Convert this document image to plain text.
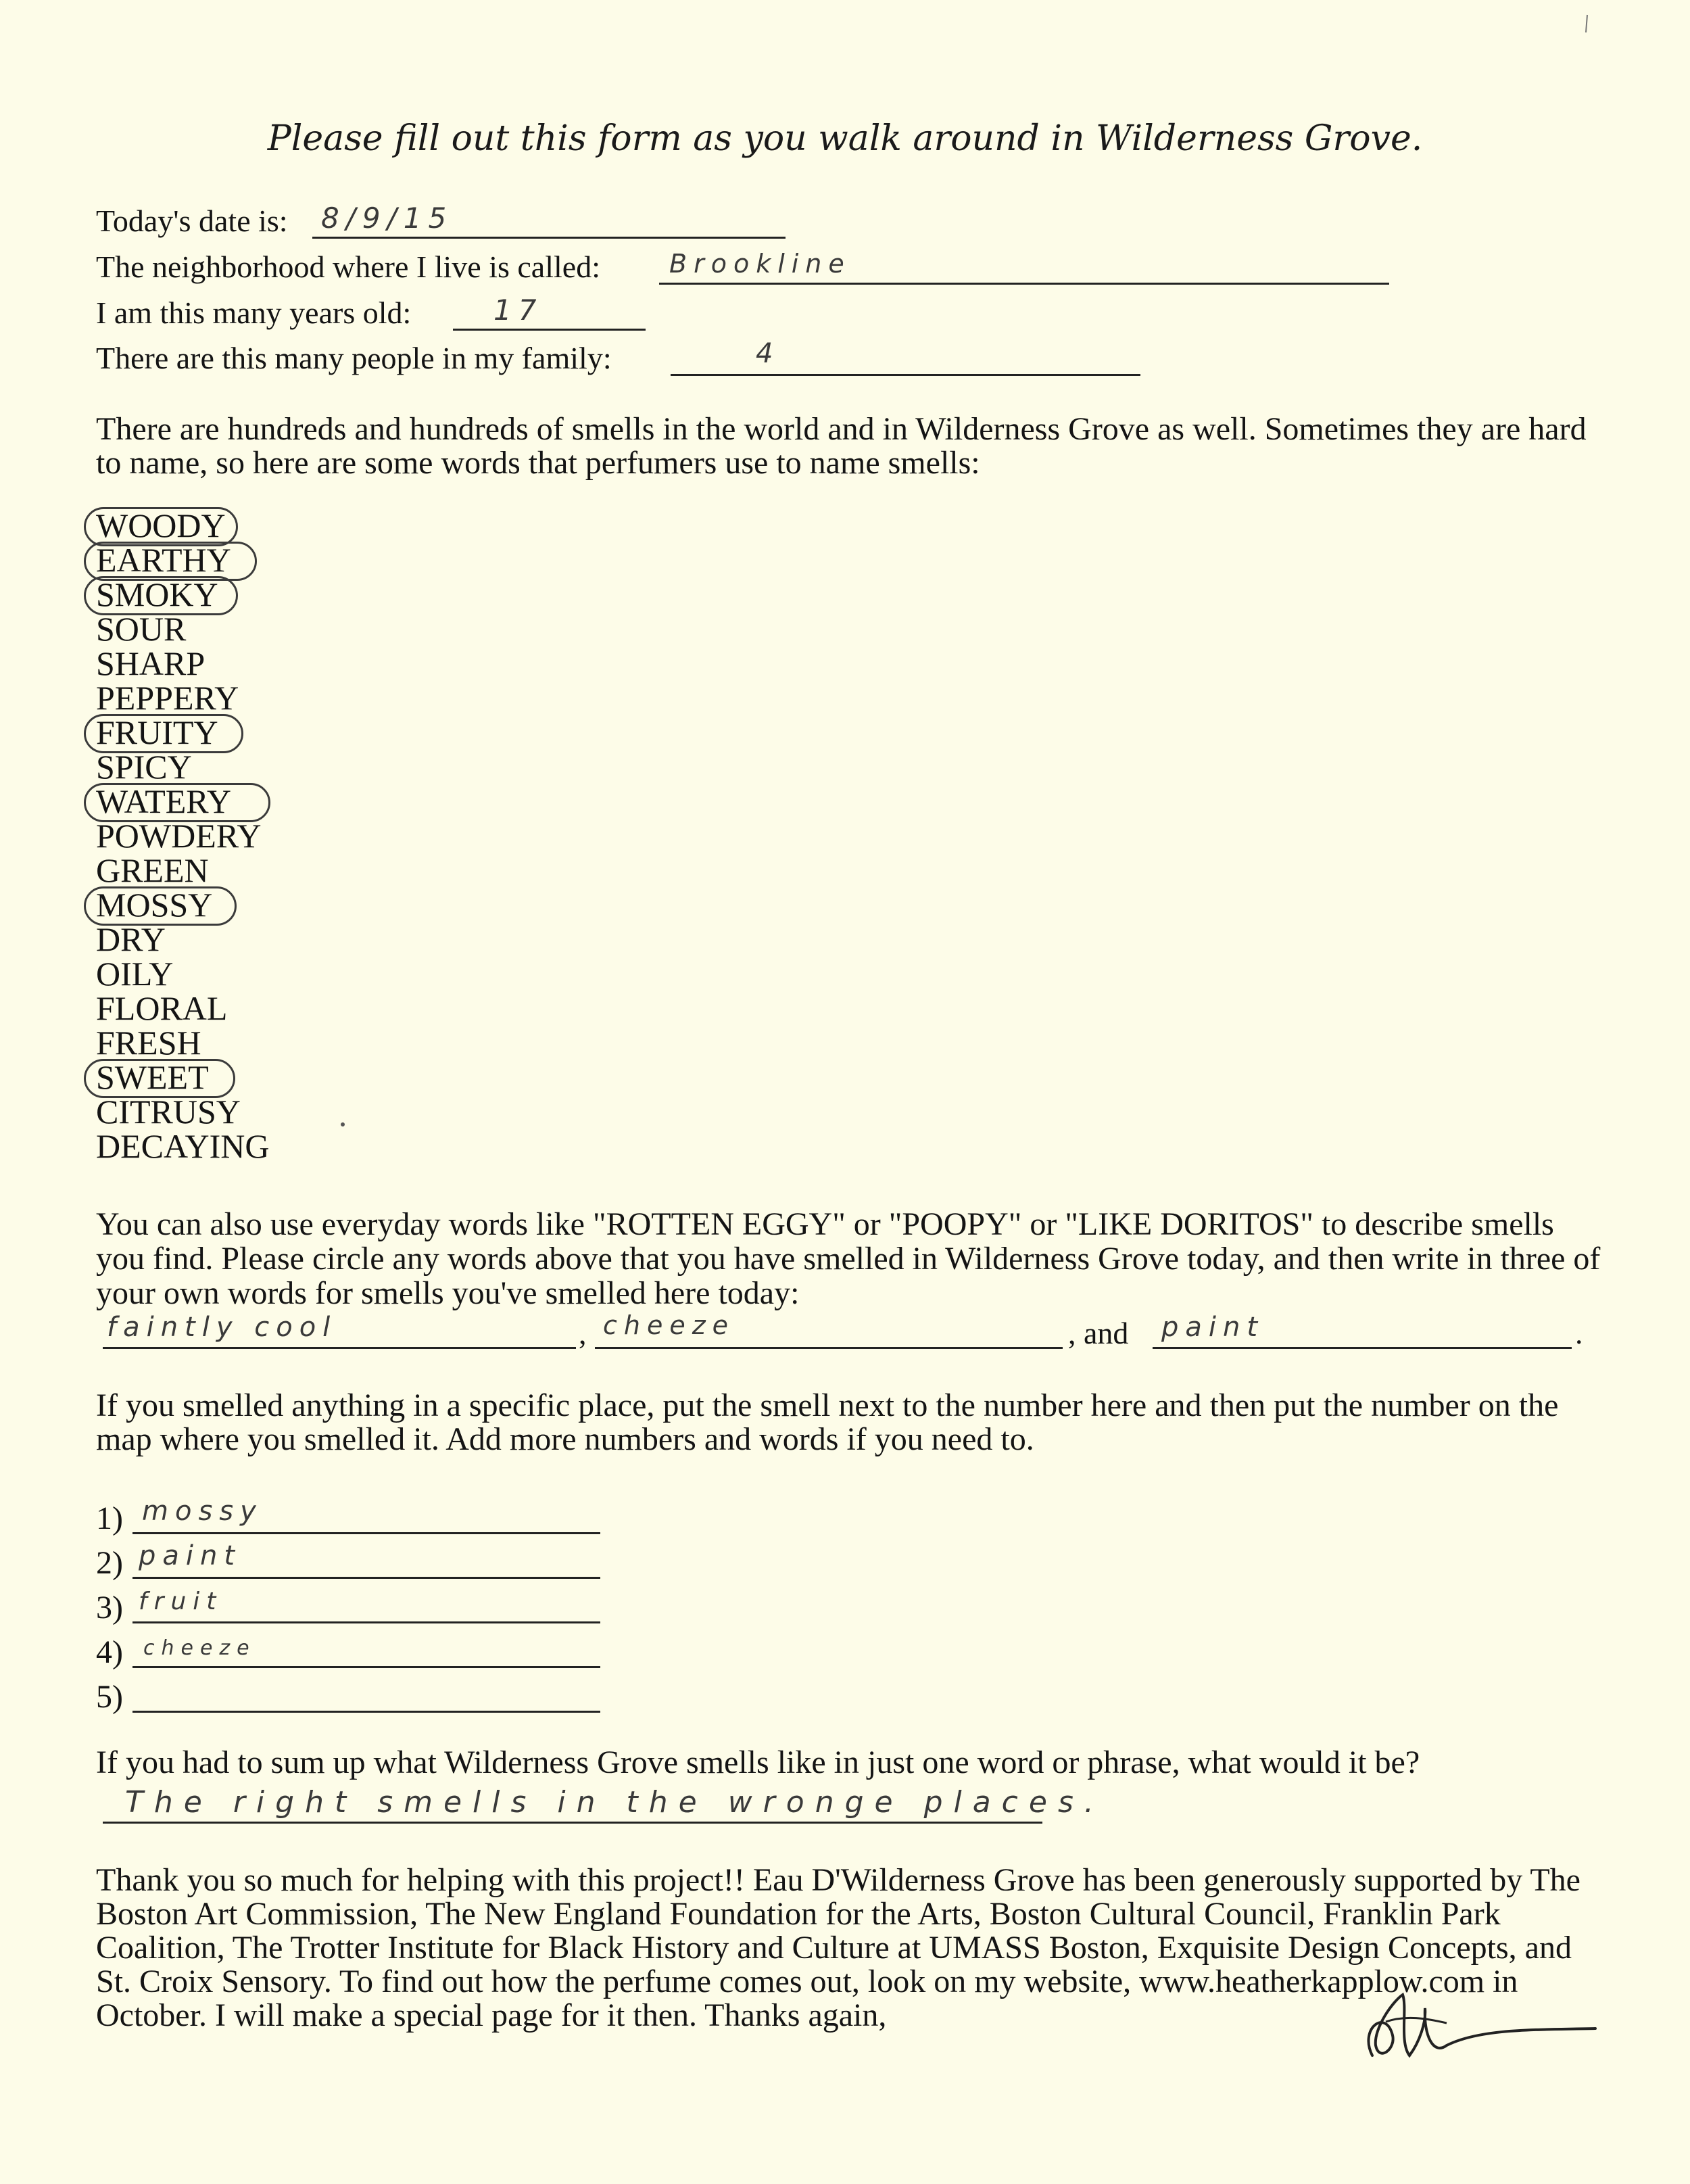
Please fill out this form as you walk around in Wilderness Grove.
Today's date is: 8/9/15
The neighborhood where I live is called:	Brookline
I am this many years old:	17
There are this many people in my family:	4
There are hundreds and hundreds of smells in the world and in Wilderness Grove as well. Sometimes they are hard to name, so here are some words that perfumers use to name smells:
WOODY
EARTHY
SMOKY
SOUR
SHARP
PEPPERY
FRUITY
SPICY
WATERY
POWDERY
GREEN
MOSSY
DRY
OILY
FLORAL
FRESH
SWEET
CITRUSY
DECAYING
You can also use everyday words like "ROTTEN EGGY" or "POOPY" or "LIKE DORITOS" to describe smells you find. Please circle any words above that you have smelled in Wilderness Grove today, and then write in three of your own words for smells you've smelled here today:
faintly cool	, cheeze	, and paint	.
If you smelled anything in a specific place, put the smell next to the number here and then put the number on the map where you smelled it. Add more numbers and words if you need to.
1) mossy
2) paint
3) fruit
4) cheeze
5)
If you had to sum up what Wilderness Grove smells like in just one word or phrase, what would it be?
The right smells in the wronge places.
Thank you so much for helping with this project!! Eau D'Wilderness Grove has been generously supported by The Boston Art Commission, The New England Foundation for the Arts, Boston Cultural Council, Franklin Park Coalition, The Trotter Institute for Black History and Culture at UMASS Boston, Exquisite Design Concepts, and St. Croix Sensory. To find out how the perfume comes out, look on my website, www.heatherkapplow.com in October. I will make a special page for it then. Thanks again,
